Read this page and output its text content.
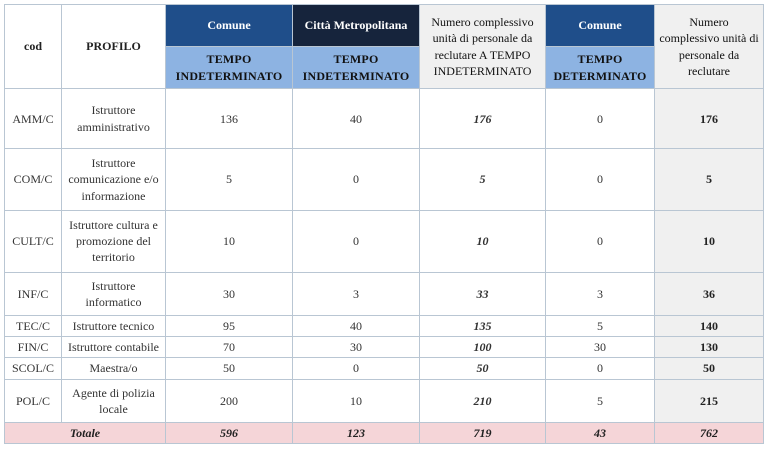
cod	PROFILO	Comune	Città Metropolitana	Numero complessivo unità di personale da reclutare A TEMPO INDETERMINATO	Comune	Numero complessivo unità di personale da reclutare
		TEMPO INDETERMINATO	TEMPO INDETERMINATO		TEMPO DETERMINATO	
AMM/C	Istruttore amministrativo	136	40	176	0	176
COM/C	Istruttore comunicazione e/o informazione	5	0	5	0	5
CULT/C	Istruttore cultura e promozione del territorio	10	0	10	0	10
INF/C	Istruttore informatico	30	3	33	3	36
TEC/C	Istruttore tecnico	95	40	135	5	140
FIN/C	Istruttore contabile	70	30	100	30	130
SCOL/C	Maestra/o	50	0	50	0	50
POL/C	Agente di polizia locale	200	10	210	5	215
Totale		596	123	719	43	762
